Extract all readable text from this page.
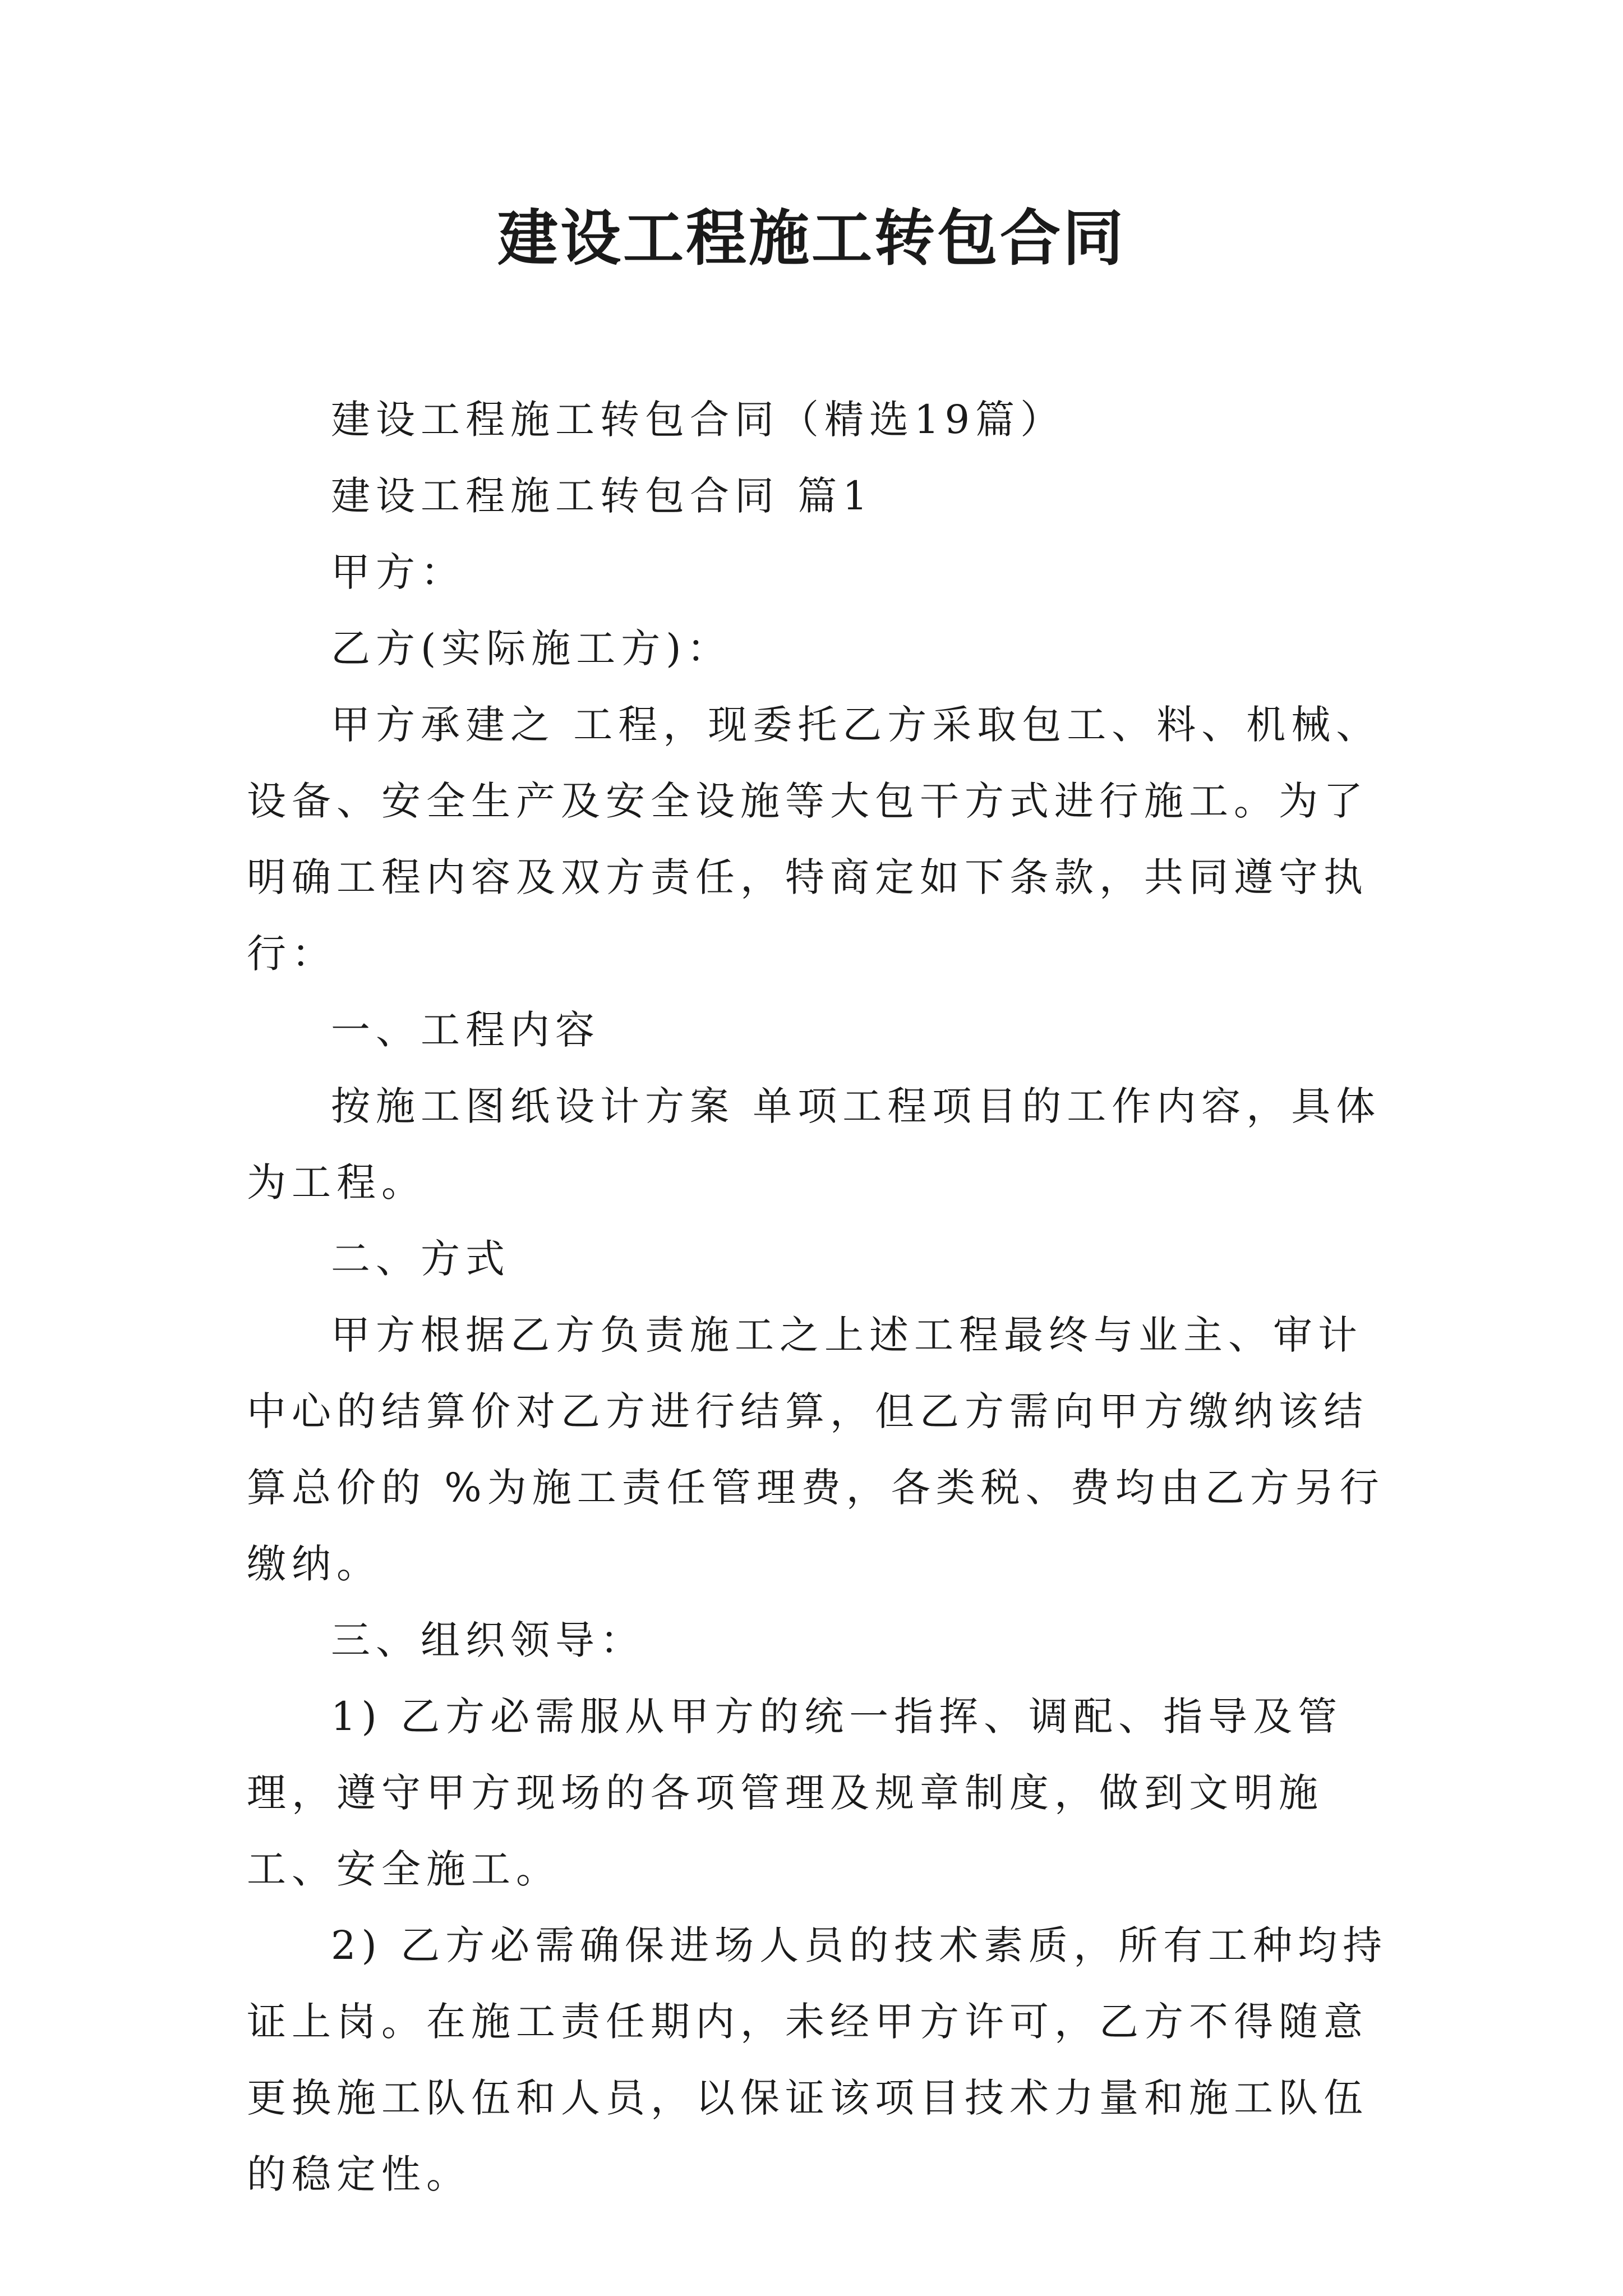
建设工程施工转包合同

建设工程施工转包合同（精选19篇）

建设工程施工转包合同 篇1

甲方：

乙方(实际施工方)：

甲方承建之 工程，现委托乙方采取包工、料、机械、设备、安全生产及安全设施等大包干方式进行施工。为了明确工程内容及双方责任，特商定如下条款，共同遵守执行：

一、工程内容

按施工图纸设计方案 单项工程项目的工作内容，具体为工程。

二、方式

甲方根据乙方负责施工之上述工程最终与业主、审计中心的结算价对乙方进行结算，但乙方需向甲方缴纳该结算总价的 %为施工责任管理费，各类税、费均由乙方另行缴纳。

三、组织领导：

1) 乙方必需服从甲方的统一指挥、调配、指导及管理，遵守甲方现场的各项管理及规章制度，做到文明施工、安全施工。

2) 乙方必需确保进场人员的技术素质，所有工种均持证上岗。在施工责任期内，未经甲方许可，乙方不得随意更换施工队伍和人员，以保证该项目技术力量和施工队伍的稳定性。
